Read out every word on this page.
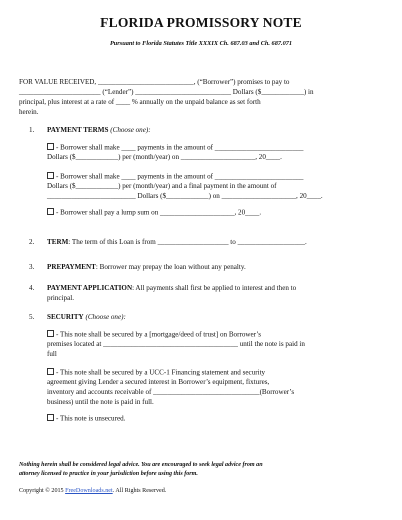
FLORIDA PROMISSORY NOTE
Pursuant to Florida Statutes Title XXXIX Ch. 687.03 and Ch. 687.071
FOR VALUE RECEIVED, ___________________________, (“Borrower”) promises to pay to
_______________________ (“Lender”) ___________________________ Dollars ($____________) in
principal, plus interest at a rate of ____ % annually on the unpaid balance as set forth
herein.
1. PAYMENT TERMS (Choose one):
- Borrower shall make ____ payments in the amount of _________________________
Dollars ($____________) per (month/year) on _____________________, 20____.
- Borrower shall make ____ payments in the amount of _________________________
Dollars ($____________) per (month/year) and a final payment in the amount of
_________________________ Dollars ($____________) on _____________________, 20____.
- Borrower shall pay a lump sum on _____________________, 20____.
2. TERM: The term of this Loan is from ____________________ to ___________________.
3. PREPAYMENT: Borrower may prepay the loan without any penalty.
4. PAYMENT APPLICATION: All payments shall first be applied to interest and then to
principal.
5. SECURITY (Choose one):
- This note shall be secured by a [mortgage/deed of trust] on Borrower’s
premises located at ______________________________________ until the note is paid in
full
- This note shall be secured by a UCC-1 Financing statement and security
agreement giving Lender a secured interest in Borrower’s equipment, fixtures,
inventory and accounts receivable of ______________________________(Borrower’s
business) until the note is paid in full.
- This note is unsecured.
Nothing herein shall be considered legal advice. You are encouraged to seek legal advice from an
attorney licensed to practice in your jurisdiction before using this form.
Copyright © 2015 FreeDownloads.net. All Rights Reserved.
